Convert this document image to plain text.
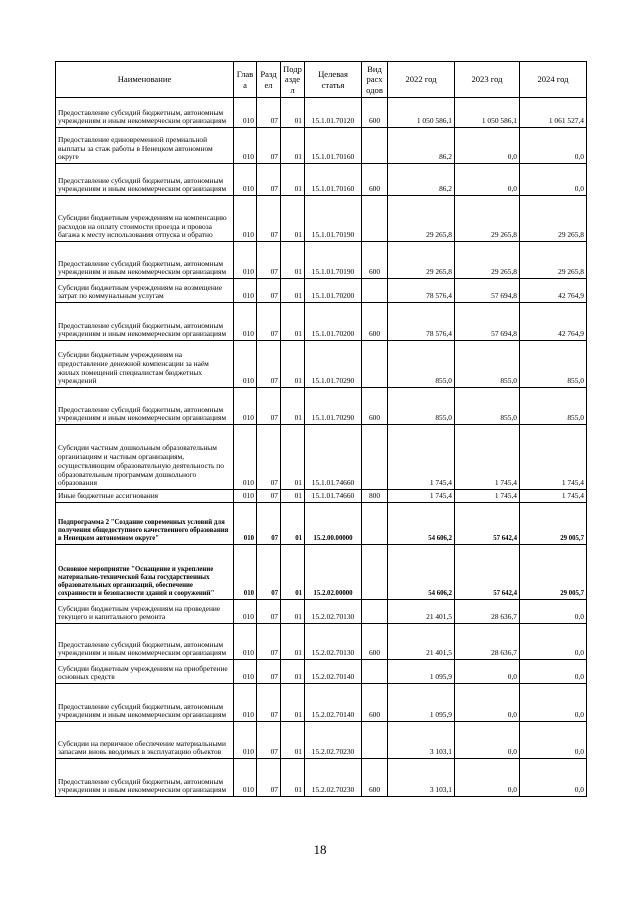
Наименование	Глав а	Разд ел	Подр азде л	Целевая статья	Вид расх одов	2022 год	2023 год	2024 год
Предоставление субсидий бюджетным, автономным учреждениям и иным некоммерческим организациям	010	07	01	15.1.01.70120	600	1 050 586,1	1 050 586,1	1 061 527,4
Предоставление единовременной премиальной выплаты за стаж работы в Ненецком автономном округе	010	07	01	15.1.01.70160		86,2	0,0	0,0
Предоставление субсидий бюджетным, автономным учреждениям и иным некоммерческим организациям	010	07	01	15.1.01.70160	600	86,2	0,0	0,0
Субсидии бюджетным учреждениям на компенсацию расходов на оплату стоимости проезда и провоза багажа к месту использования отпуска и обратно	010	07	01	15.1.01.70190		29 265,8	29 265,8	29 265,8
Предоставление субсидий бюджетным, автономным учреждениям и иным некоммерческим организациям	010	07	01	15.1.01.70190	600	29 265,8	29 265,8	29 265,8
Субсидии бюджетным учреждениям на возмещение затрат по коммунальным услугам	010	07	01	15.1.01.70200		78 576,4	57 694,8	42 764,9
Предоставление субсидий бюджетным, автономным учреждениям и иным некоммерческим организациям	010	07	01	15.1.01.70200	600	78 576,4	57 694,8	42 764,9
Субсидии бюджетным учреждениям на предоставление денежной компенсации за наём жилых помещений специалистам бюджетных учреждений	010	07	01	15.1.01.70290		855,0	855,0	855,0
Предоставление субсидий бюджетным, автономным учреждениям и иным некоммерческим организациям	010	07	01	15.1.01.70290	600	855,0	855,0	855,0
Субсидии частным дошкольным образовательным организациям и частным организациям, осуществляющим образовательную деятельность по образовательным программам дошкольного образования	010	07	01	15.1.01.74660		1 745,4	1 745,4	1 745,4
Иные бюджетные ассигнования	010	07	01	15.1.01.74660	800	1 745,4	1 745,4	1 745,4
Подпрограмма 2 "Создание современных условий для получения общедоступного качественного образования в Ненецком автономном округе"	010	07	01	15.2.00.00000		54 606,2	57 642,4	29 005,7
Основное мероприятие "Оснащение и укрепление материально-технической базы государственных образовательных организаций, обеспечение сохранности и безопасности зданий и сооружений"	010	07	01	15.2.02.00000		54 606,2	57 642,4	29 005,7
Субсидии бюджетным учреждениям на проведение текущего и капитального ремонта	010	07	01	15.2.02.70130		21 401,5	28 636,7	0,0
Предоставление субсидий бюджетным, автономным учреждениям и иным некоммерческим организациям	010	07	01	15.2.02.70130	600	21 401,5	28 636,7	0,0
Субсидии бюджетным учреждениям на приобретение основных средств	010	07	01	15.2.02.70140		1 095,9	0,0	0,0
Предоставление субсидий бюджетным, автономным учреждениям и иным некоммерческим организациям	010	07	01	15.2.02.70140	600	1 095,9	0,0	0,0
Субсидии на первичное обеспечение материальными запасами вновь вводимых в эксплуатацию объектов	010	07	01	15.2.02.70230		3 103,1	0,0	0,0
Предоставление субсидий бюджетным, автономным учреждениям и иным некоммерческим организациям	010	07	01	15.2.02.70230	600	3 103,1	0,0	0,0
18
